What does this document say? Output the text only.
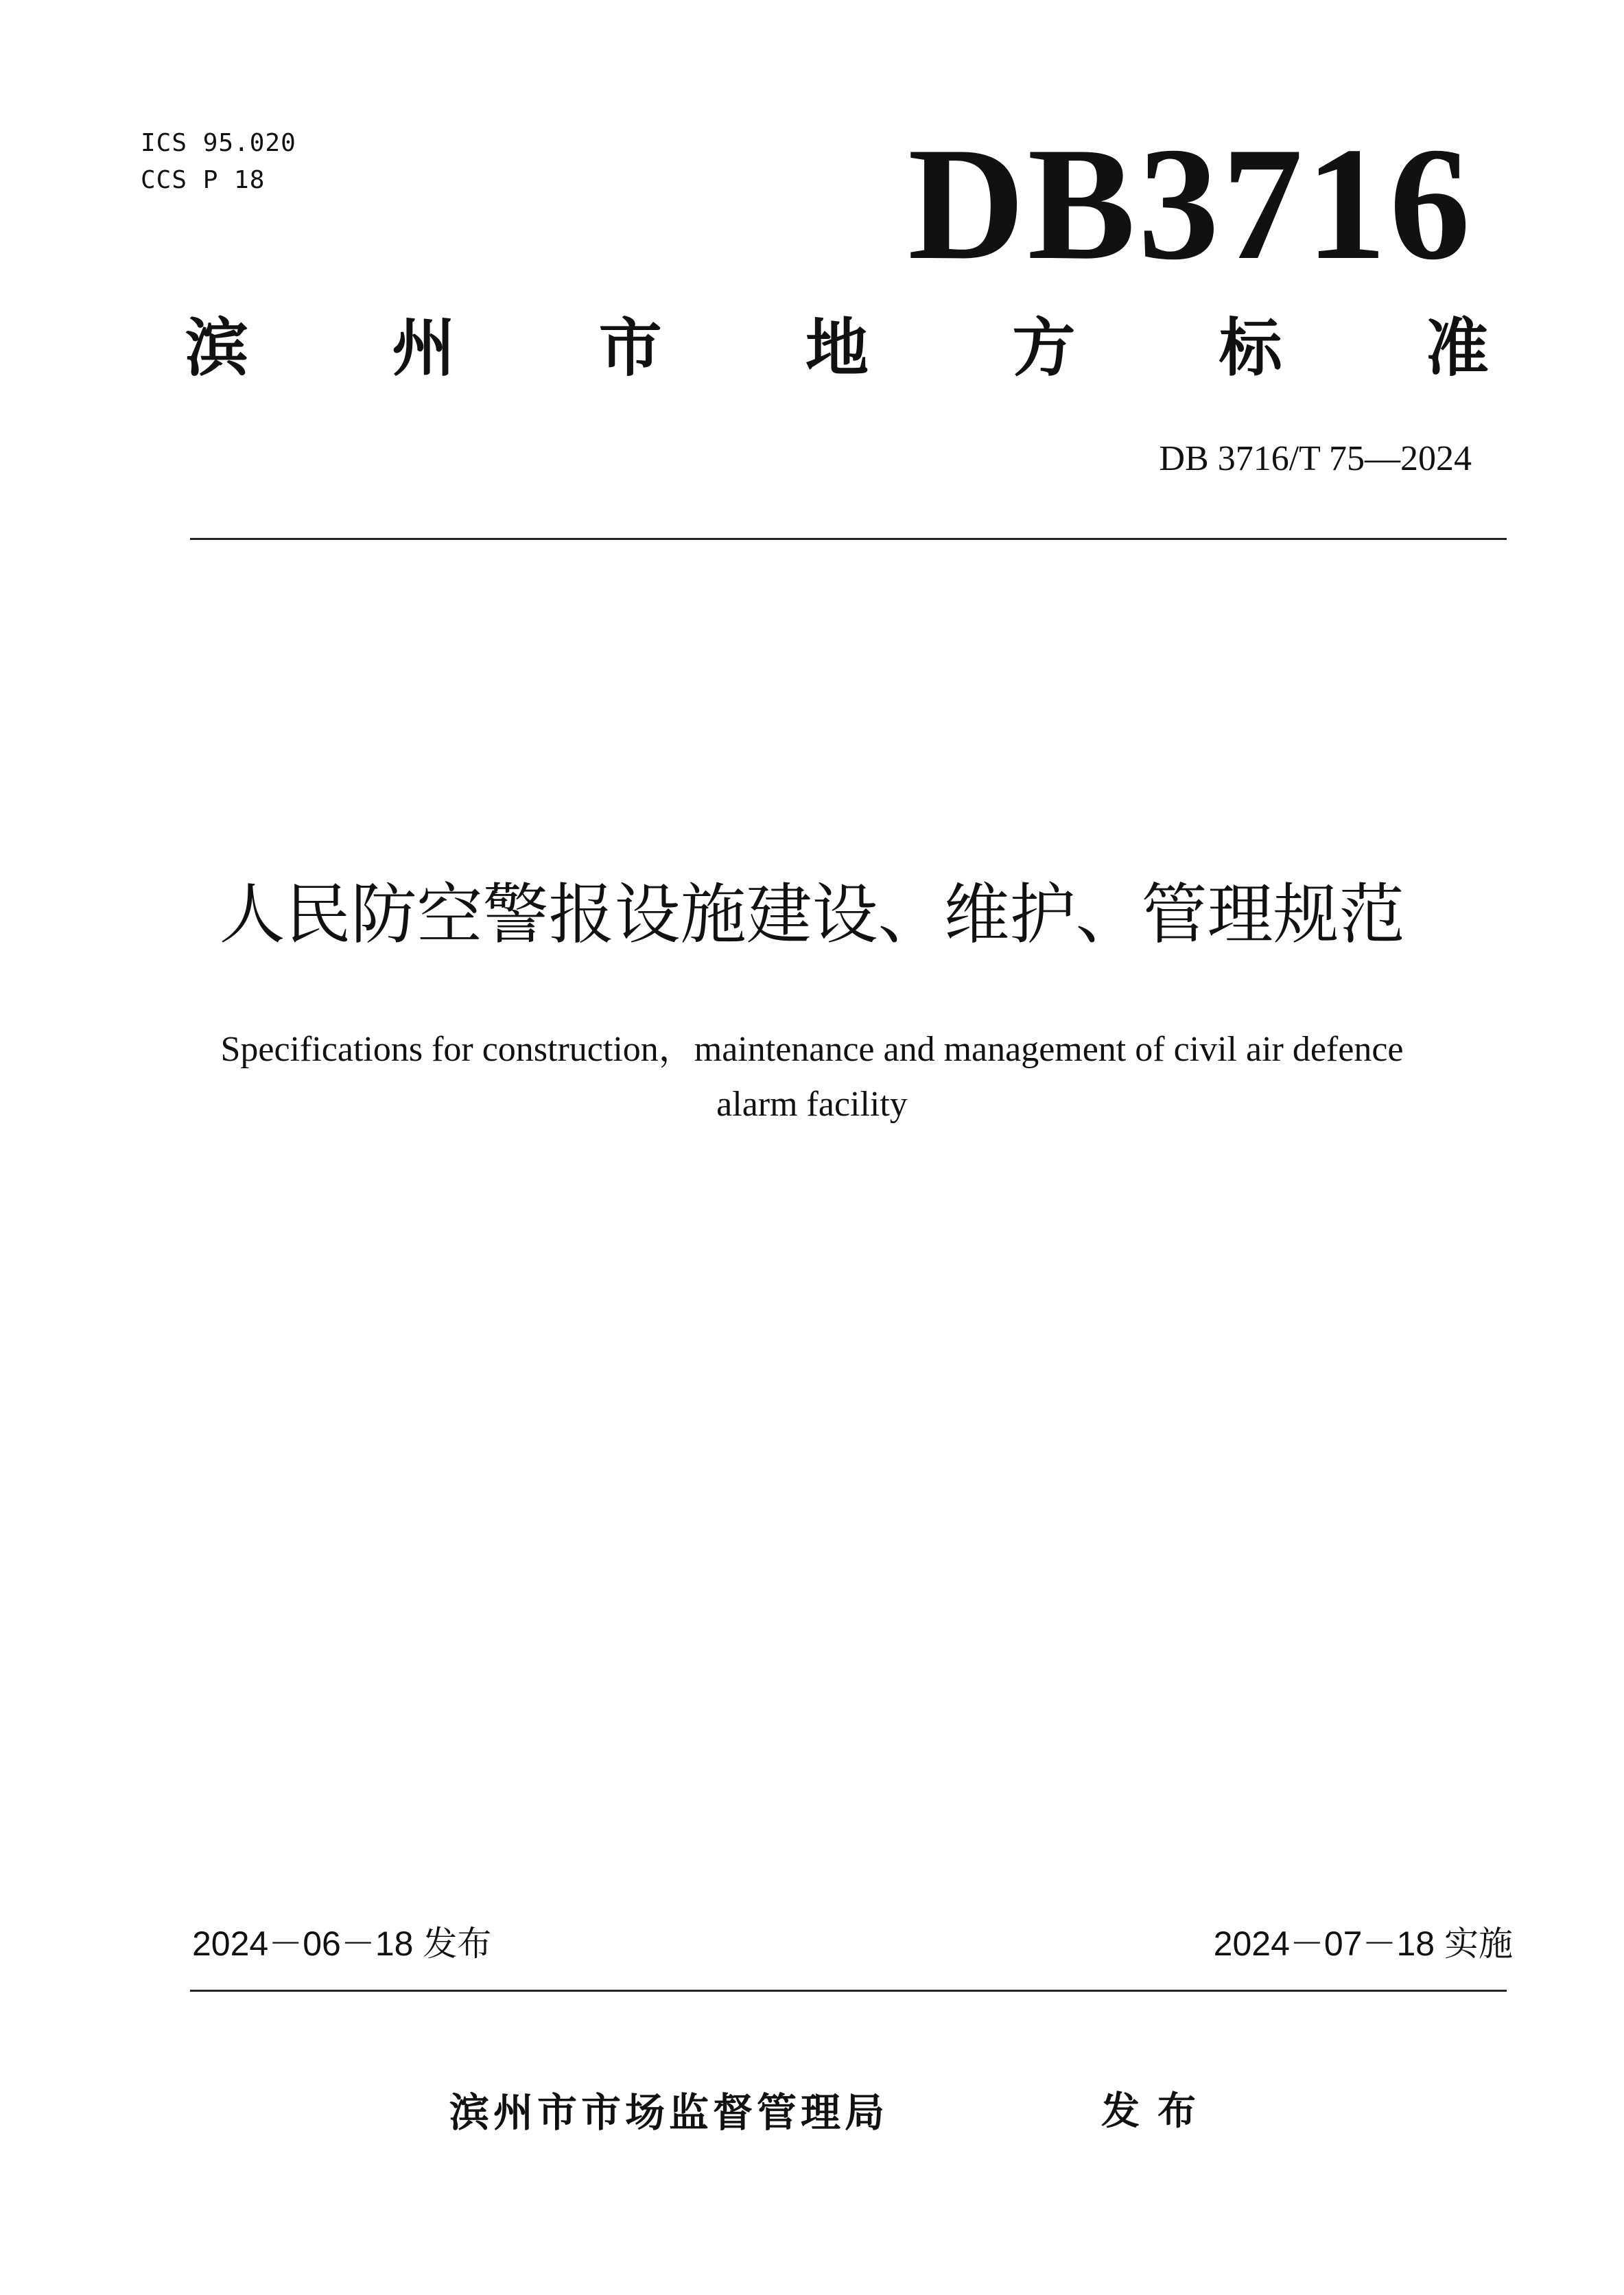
ICS 95.020
CCS P 18	DB3716
滨 州 市 地 方 标 准
DB 3716/T 75—2024
人民防空警报设施建设、维护、管理规范
Specifications for construction，maintenance and management of civil air defence
alarm facility
2024－06－18 发布	2024－07－18 实施
滨州市市场监督管理局	发布
